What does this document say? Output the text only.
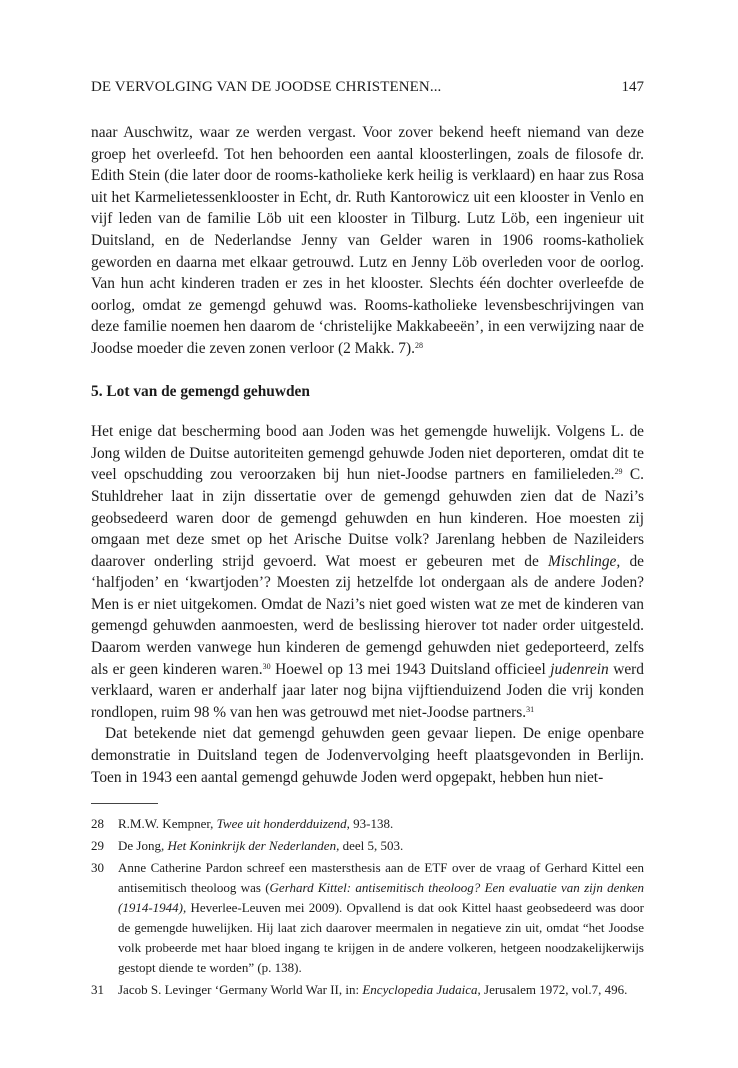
DE VERVOLGING VAN DE JOODSE CHRISTENEN...	147

naar Auschwitz, waar ze werden vergast. Voor zover bekend heeft niemand van deze groep het overleefd. Tot hen behoorden een aantal kloosterlingen, zoals de filosofe dr. Edith Stein (die later door de rooms-katholieke kerk heilig is verklaard) en haar zus Rosa uit het Karmelietessenklooster in Echt, dr. Ruth Kantorowicz uit een klooster in Venlo en vijf leden van de familie Löb uit een klooster in Tilburg. Lutz Löb, een ingenieur uit Duitsland, en de Nederlandse Jenny van Gelder waren in 1906 rooms-katholiek geworden en daarna met elkaar getrouwd. Lutz en Jenny Löb overleden voor de oorlog. Van hun acht kinderen traden er zes in het klooster. Slechts één dochter overleefde de oorlog, omdat ze gemengd gehuwd was. Rooms-katholieke levensbeschrijvingen van deze familie noemen hen daarom de ‘christelijke Makkabeeën’, in een verwijzing naar de Joodse moeder die zeven zonen verloor (2 Makk. 7).$^{28}$

5. Lot van de gemengd gehuwden

Het enige dat bescherming bood aan Joden was het gemengde huwelijk. Volgens L. de Jong wilden de Duitse autoriteiten gemengd gehuwde Joden niet deporteren, omdat dit te veel opschudding zou veroorzaken bij hun niet-Joodse partners en familieleden.$^{29}$ C. Stuhldreher laat in zijn dissertatie over de gemengd gehuwden zien dat de Nazi’s geobsedeerd waren door de gemengd gehuwden en hun kinderen. Hoe moesten zij omgaan met deze smet op het Arische Duitse volk? Jarenlang hebben de Nazileiders daarover onderling strijd gevoerd. Wat moest er gebeuren met de Mischlinge, de ‘halfjoden’ en ‘kwartjoden’? Moesten zij hetzelfde lot ondergaan als de andere Joden? Men is er niet uitgekomen. Omdat de Nazi’s niet goed wisten wat ze met de kinderen van gemengd gehuwden aanmoesten, werd de beslissing hierover tot nader order uitgesteld. Daarom werden vanwege hun kinderen de gemengd gehuwden niet gedeporteerd, zelfs als er geen kinderen waren.$^{30}$ Hoewel op 13 mei 1943 Duitsland officieel judenrein werd verklaard, waren er anderhalf jaar later nog bijna vijftienduizend Joden die vrij konden rondlopen, ruim 98 % van hen was getrouwd met niet-Joodse partners.$^{31}$

Dat betekende niet dat gemengd gehuwden geen gevaar liepen. De enige openbare demonstratie in Duitsland tegen de Jodenvervolging heeft plaatsgevonden in Berlijn. Toen in 1943 een aantal gemengd gehuwde Joden werd opgepakt, hebben hun niet-

28 R.M.W. Kempner, Twee uit honderdduizend, 93-138.
29 De Jong, Het Koninkrijk der Nederlanden, deel 5, 503.
30 Anne Catherine Pardon schreef een mastersthesis aan de ETF over de vraag of Gerhard Kittel een antisemitisch theoloog was (Gerhard Kittel: antisemitisch theoloog? Een evaluatie van zijn denken (1914-1944), Heverlee-Leuven mei 2009). Opvallend is dat ook Kittel haast geobsedeerd was door de gemengde huwelijken. Hij laat zich daarover meermalen in negatieve zin uit, omdat “het Joodse volk probeerde met haar bloed ingang te krijgen in de andere volkeren, hetgeen noodzakelijkerwijs gestopt diende te worden” (p. 138).
31 Jacob S. Levinger ‘Germany World War II, in: Encyclopedia Judaica, Jerusalem 1972, vol.7, 496.
